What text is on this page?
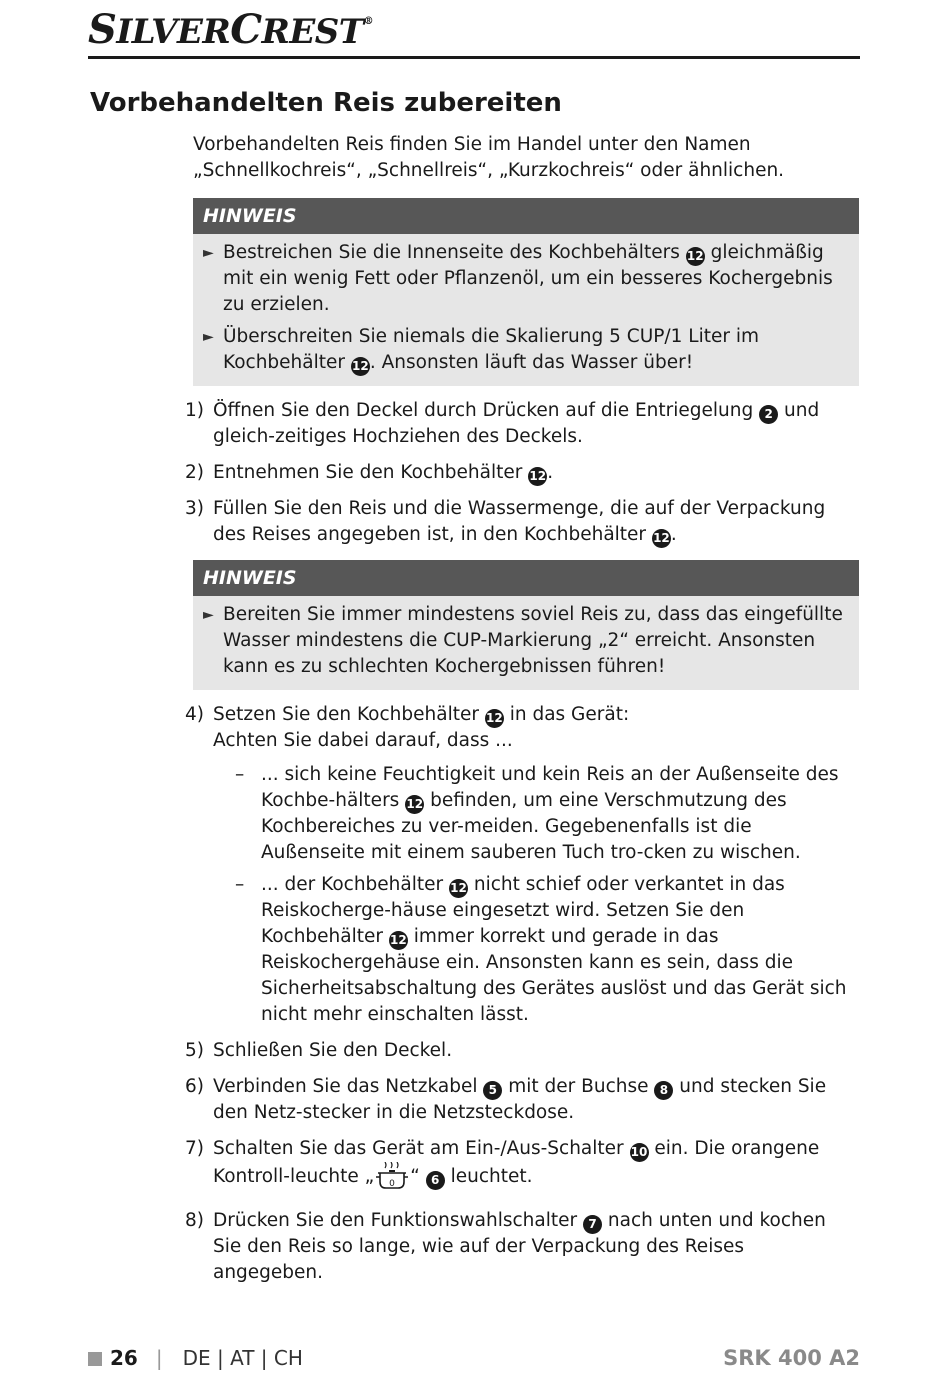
SILVERCREST®
Vorbehandelten Reis zubereiten

Vorbehandelten Reis finden Sie im Handel unter den Namen „Schnellkochreis“, „Schnellreis“, „Kurzkochreis“ oder ähnlichen.

HINWEIS
► Bestreichen Sie die Innenseite des Kochbehälters 12 gleichmäßig mit ein wenig Fett oder Pflanzenöl, um ein besseres Kochergebnis zu erzielen.
► Überschreiten Sie niemals die Skalierung 5 CUP/1 Liter im Kochbehälter 12. Ansonsten läuft das Wasser über!
1) Öffnen Sie den Deckel durch Drücken auf die Entriegelung 2 und gleich-zeitiges Hochziehen des Deckels.
2) Entnehmen Sie den Kochbehälter 12.
3) Füllen Sie den Reis und die Wassermenge, die auf der Verpackung des Reises angegeben ist, in den Kochbehälter 12.
HINWEIS
► Bereiten Sie immer mindestens soviel Reis zu, dass das eingefüllte Wasser mindestens die CUP-Markierung „2“ erreicht. Ansonsten kann es zu schlechten Kochergebnissen führen!
4) Setzen Sie den Kochbehälter 12 in das Gerät:
Achten Sie dabei darauf, dass ...
– ... sich keine Feuchtigkeit und kein Reis an der Außenseite des Kochbe-hälters 12 befinden, um eine Verschmutzung des Kochbereiches zu ver-meiden. Gegebenenfalls ist die Außenseite mit einem sauberen Tuch tro-cken zu wischen.
– ... der Kochbehälter 12 nicht schief oder verkantet in das Reiskocherge-häuse eingesetzt wird. Setzen Sie den Kochbehälter 12 immer korrekt und gerade in das Reiskochergehäuse ein. Ansonsten kann es sein, dass die Sicherheitsabschaltung des Gerätes auslöst und das Gerät sich nicht mehr einschalten lässt.
5) Schließen Sie den Deckel.
6) Verbinden Sie das Netzkabel 5 mit der Buchse 8 und stecken Sie den Netz-stecker in die Netzsteckdose.
7) Schalten Sie das Gerät am Ein-/Aus-Schalter 10 ein. Die orangene Kontroll-leuchte „ 0 “ 6 leuchtet.
8) Drücken Sie den Funktionswahlschalter 7 nach unten und kochen Sie den Reis so lange, wie auf der Verpackung des Reises angegeben.
26 | DE | AT | CH	SRK 400 A2
